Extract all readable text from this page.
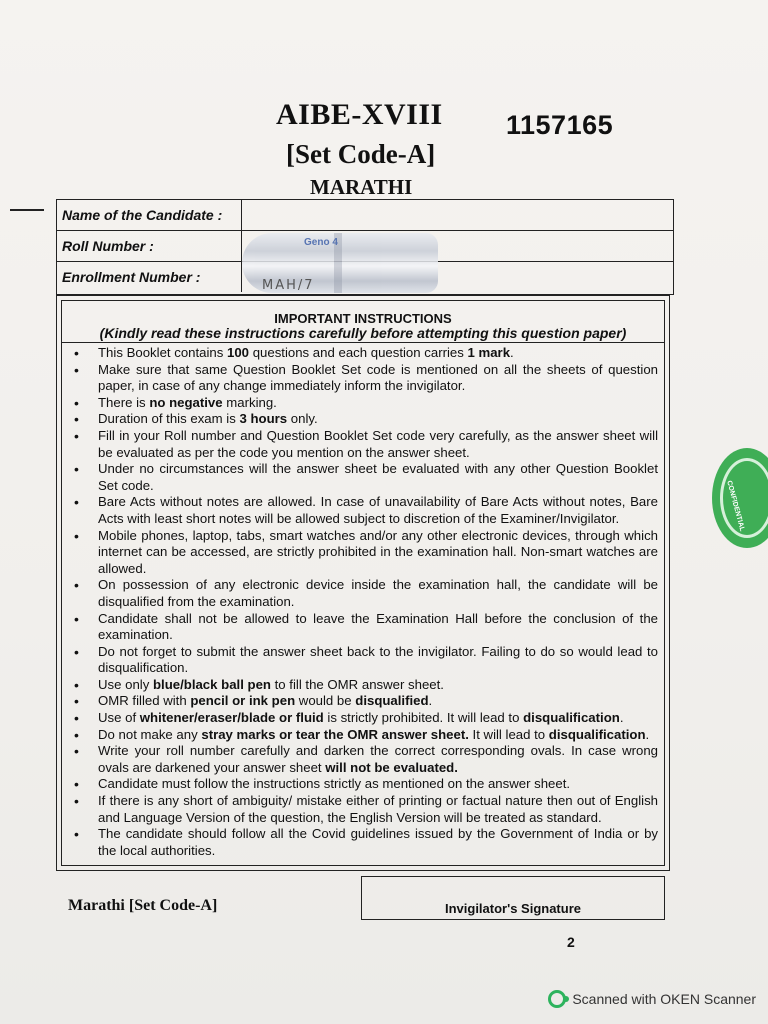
AIBE-XVIII 1157165
[Set Code-A]
MARATHI
Name of the Candidate :
Roll Number :
Enrollment Number :
Geno 4
MAH/7
IMPORTANT INSTRUCTIONS
(Kindly read these instructions carefully before attempting this question paper)
• This Booklet contains 100 questions and each question carries 1 mark.
• Make sure that same Question Booklet Set code is mentioned on all the sheets of question paper, in case of any change immediately inform the invigilator.
• There is no negative marking.
• Duration of this exam is 3 hours only.
• Fill in your Roll number and Question Booklet Set code very carefully, as the answer sheet will be evaluated as per the code you mention on the answer sheet.
• Under no circumstances will the answer sheet be evaluated with any other Question Booklet Set code.
• Bare Acts without notes are allowed. In case of unavailability of Bare Acts without notes, Bare Acts with least short notes will be allowed subject to discretion of the Examiner/Invigilator.
• Mobile phones, laptop, tabs, smart watches and/or any other electronic devices, through which internet can be accessed, are strictly prohibited in the examination hall. Non-smart watches are allowed.
• On possession of any electronic device inside the examination hall, the candidate will be disqualified from the examination.
• Candidate shall not be allowed to leave the Examination Hall before the conclusion of the examination.
• Do not forget to submit the answer sheet back to the invigilator. Failing to do so would lead to disqualification.
• Use only blue/black ball pen to fill the OMR answer sheet.
• OMR filled with pencil or ink pen would be disqualified.
• Use of whitener/eraser/blade or fluid is strictly prohibited. It will lead to disqualification.
• Do not make any stray marks or tear the OMR answer sheet. It will lead to disqualification.
• Write your roll number carefully and darken the correct corresponding ovals. In case wrong ovals are darkened your answer sheet will not be evaluated.
• Candidate must follow the instructions strictly as mentioned on the answer sheet.
• If there is any short of ambiguity/ mistake either of printing or factual nature then out of English and Language Version of the question, the English Version will be treated as standard.
• The candidate should follow all the Covid guidelines issued by the Government of India or by the local authorities.
Marathi [Set Code-A]	Invigilator's Signature
2
CONFIDENTIAL
Scanned with OKEN Scanner
